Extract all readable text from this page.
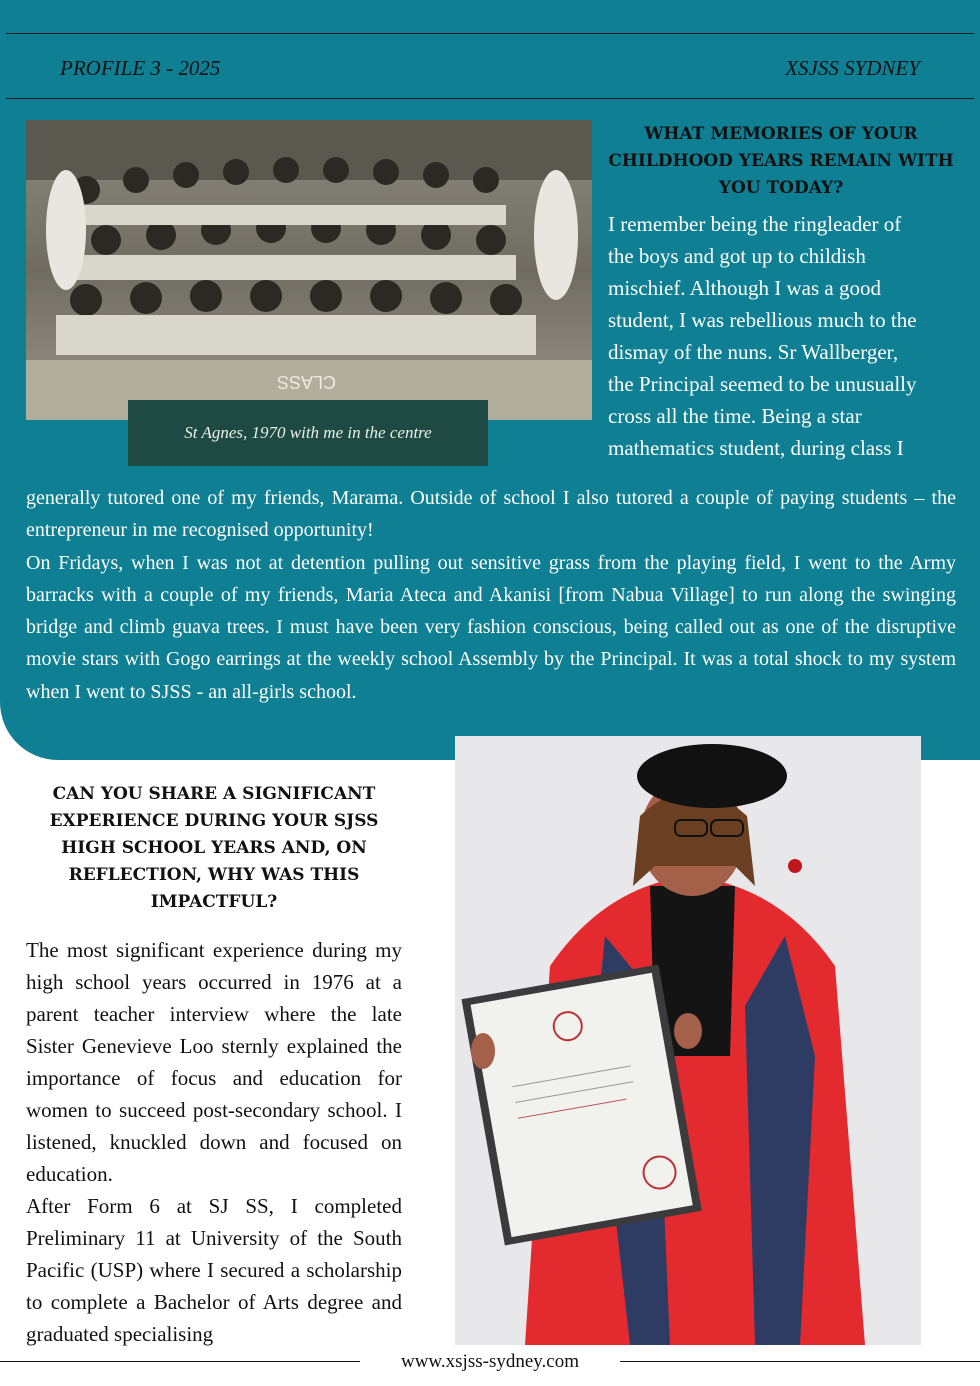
PROFILE 3 - 2025	XSJSS SYDNEY
CLASS
St Agnes, 1970 with me in the centre
WHAT MEMORIES OF YOUR CHILDHOOD YEARS REMAIN WITH YOU TODAY?
I remember being the ringleader of
the boys and got up to childish
mischief. Although I was a good
student, I was rebellious much to the
dismay of the nuns. Sr Wallberger,
the Principal seemed to be unusually
cross all the time. Being a star
mathematics student, during class I

generally tutored one of my friends, Marama. Outside of school I also tutored a couple of paying students – the entrepreneur in me recognised opportunity!

On Fridays, when I was not at detention pulling out sensitive grass from the playing field, I went to the Army barracks with a couple of my friends, Maria Ateca and Akanisi [from Nabua Village] to run along the swinging bridge and climb guava trees. I must have been very fashion conscious, being called out as one of the disruptive movie stars with Gogo earrings at the weekly school Assembly by the Principal. It was a total shock to my system when I went to SJSS - an all-girls school.

CAN YOU SHARE A SIGNIFICANT EXPERIENCE DURING YOUR SJSS HIGH SCHOOL YEARS AND, ON REFLECTION, WHY WAS THIS IMPACTFUL?

The most significant experience during my high school years occurred in 1976 at a parent teacher interview where the late Sister Genevieve Loo sternly explained the importance of focus and education for women to succeed post-secondary school. I listened, knuckled down and focused on education.

After Form 6 at SJ SS, I completed Preliminary 11 at University of the South Pacific (USP) where I secured a scholarship to complete a Bachelor of Arts degree and graduated specialising

www.xsjss-sydney.com
